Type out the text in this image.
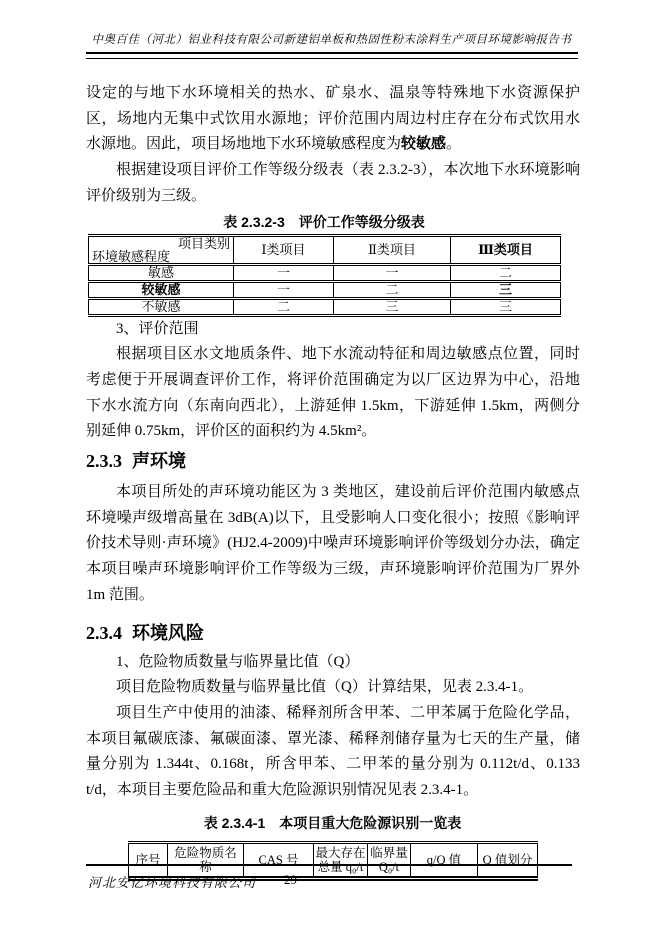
中奥百佳（河北）铝业科技有限公司新建铝单板和热固性粉末涂料生产项目环境影响报告书

设定的与地下水环境相关的热水、矿泉水、温泉等特殊地下水资源保护区，场地内无集中式饮用水源地；评价范围内周边村庄存在分布式饮用水水源地。因此，项目场地地下水环境敏感程度为较敏感。

根据建设项目评价工作等级分级表（表 2.3.2-3），本次地下水环境影响评价级别为三级。

表 2.3.2-3　评价工作等级分级表
项目类别
环境敏感程度	Ⅰ类项目	Ⅱ类项目	Ⅲ类项目
敏感	一	一	二
较敏感	一	二	三
不敏感	二	三	三

3、评价范围

根据项目区水文地质条件、地下水流动特征和周边敏感点位置，同时考虑便于开展调查评价工作，将评价范围确定为以厂区边界为中心，沿地下水水流方向（东南向西北），上游延伸 1.5km，下游延伸 1.5km，两侧分别延伸 0.75km，评价区的面积约为 4.5km²。

2.3.3 声环境

本项目所处的声环境功能区为 3 类地区，建设前后评价范围内敏感点环境噪声级增高量在 3dB(A)以下，且受影响人口变化很小；按照《影响评价技术导则·声环境》(HJ2.4-2009)中噪声环境影响评价等级划分办法，确定本项目噪声环境影响评价工作等级为三级，声环境影响评价范围为厂界外 1m 范围。

2.3.4 环境风险

1、危险物质数量与临界量比值（Q）

项目危险物质数量与临界量比值（Q）计算结果，见表 2.3.4-1。

项目生产中使用的油漆、稀释剂所含甲苯、二甲苯属于危险化学品，本项目氟碳底漆、氟碳面漆、罩光漆、稀释剂储存量为七天的生产量，储量分别为 1.344t、0.168t，所含甲苯、二甲苯的量分别为 0.112t/d、0.133 t/d，本项目主要危险品和重大危险源识别情况见表 2.3.4-1。

表 2.3.4-1　本项目重大危险源识别一览表
序号	危险物质名称	CAS 号	最大存在总量 q₀/t	临界量 Q₀/t	q/Q 值	Q 值划分
河北安亿环境科技有限公司 29
